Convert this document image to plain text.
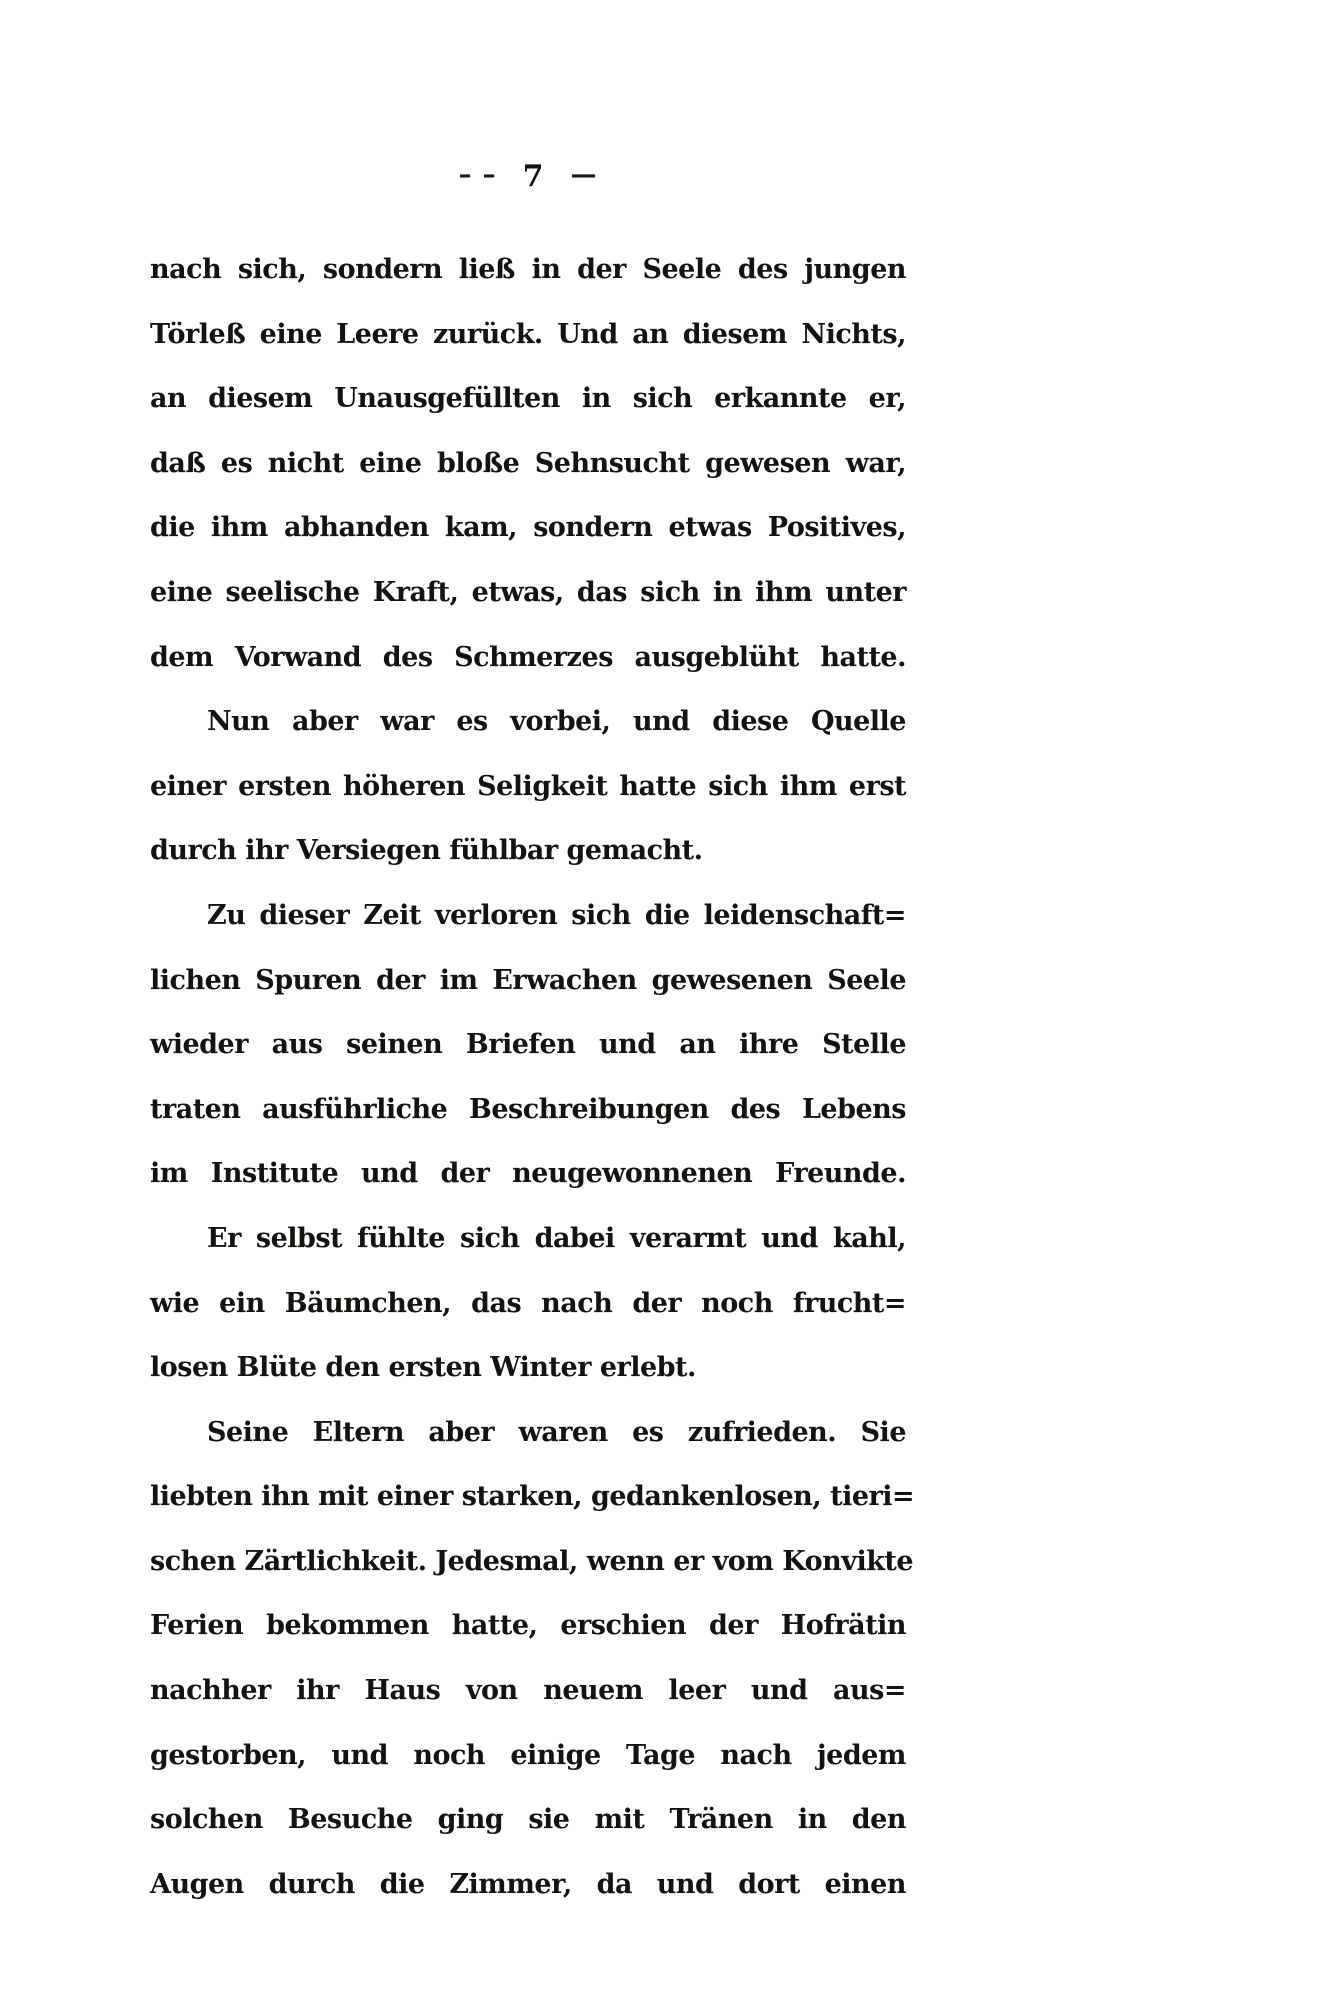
– – 7 —
nach sich, sondern ließ in der Seele des jungen
Törleß eine Leere zurück. Und an diesem Nichts,
an diesem Unausgefüllten in sich erkannte er,
daß es nicht eine bloße Sehnsucht gewesen war,
die ihm abhanden kam, sondern etwas Positives,
eine seelische Kraft, etwas, das sich in ihm unter
dem Vorwand des Schmerzes ausgeblüht hatte.
Nun aber war es vorbei, und diese Quelle
einer ersten höheren Seligkeit hatte sich ihm erst
durch ihr Versiegen fühlbar gemacht.
Zu dieser Zeit verloren sich die leidenschaft=
lichen Spuren der im Erwachen gewesenen Seele
wieder aus seinen Briefen und an ihre Stelle
traten ausführliche Beschreibungen des Lebens
im Institute und der neugewonnenen Freunde.
Er selbst fühlte sich dabei verarmt und kahl,
wie ein Bäumchen, das nach der noch frucht=
losen Blüte den ersten Winter erlebt.
Seine Eltern aber waren es zufrieden. Sie
liebten ihn mit einer starken, gedankenlosen, tieri=
schen Zärtlichkeit. Jedesmal, wenn er vom Konvikte
Ferien bekommen hatte, erschien der Hofrätin
nachher ihr Haus von neuem leer und aus=
gestorben, und noch einige Tage nach jedem
solchen Besuche ging sie mit Tränen in den
Augen durch die Zimmer, da und dort einen
